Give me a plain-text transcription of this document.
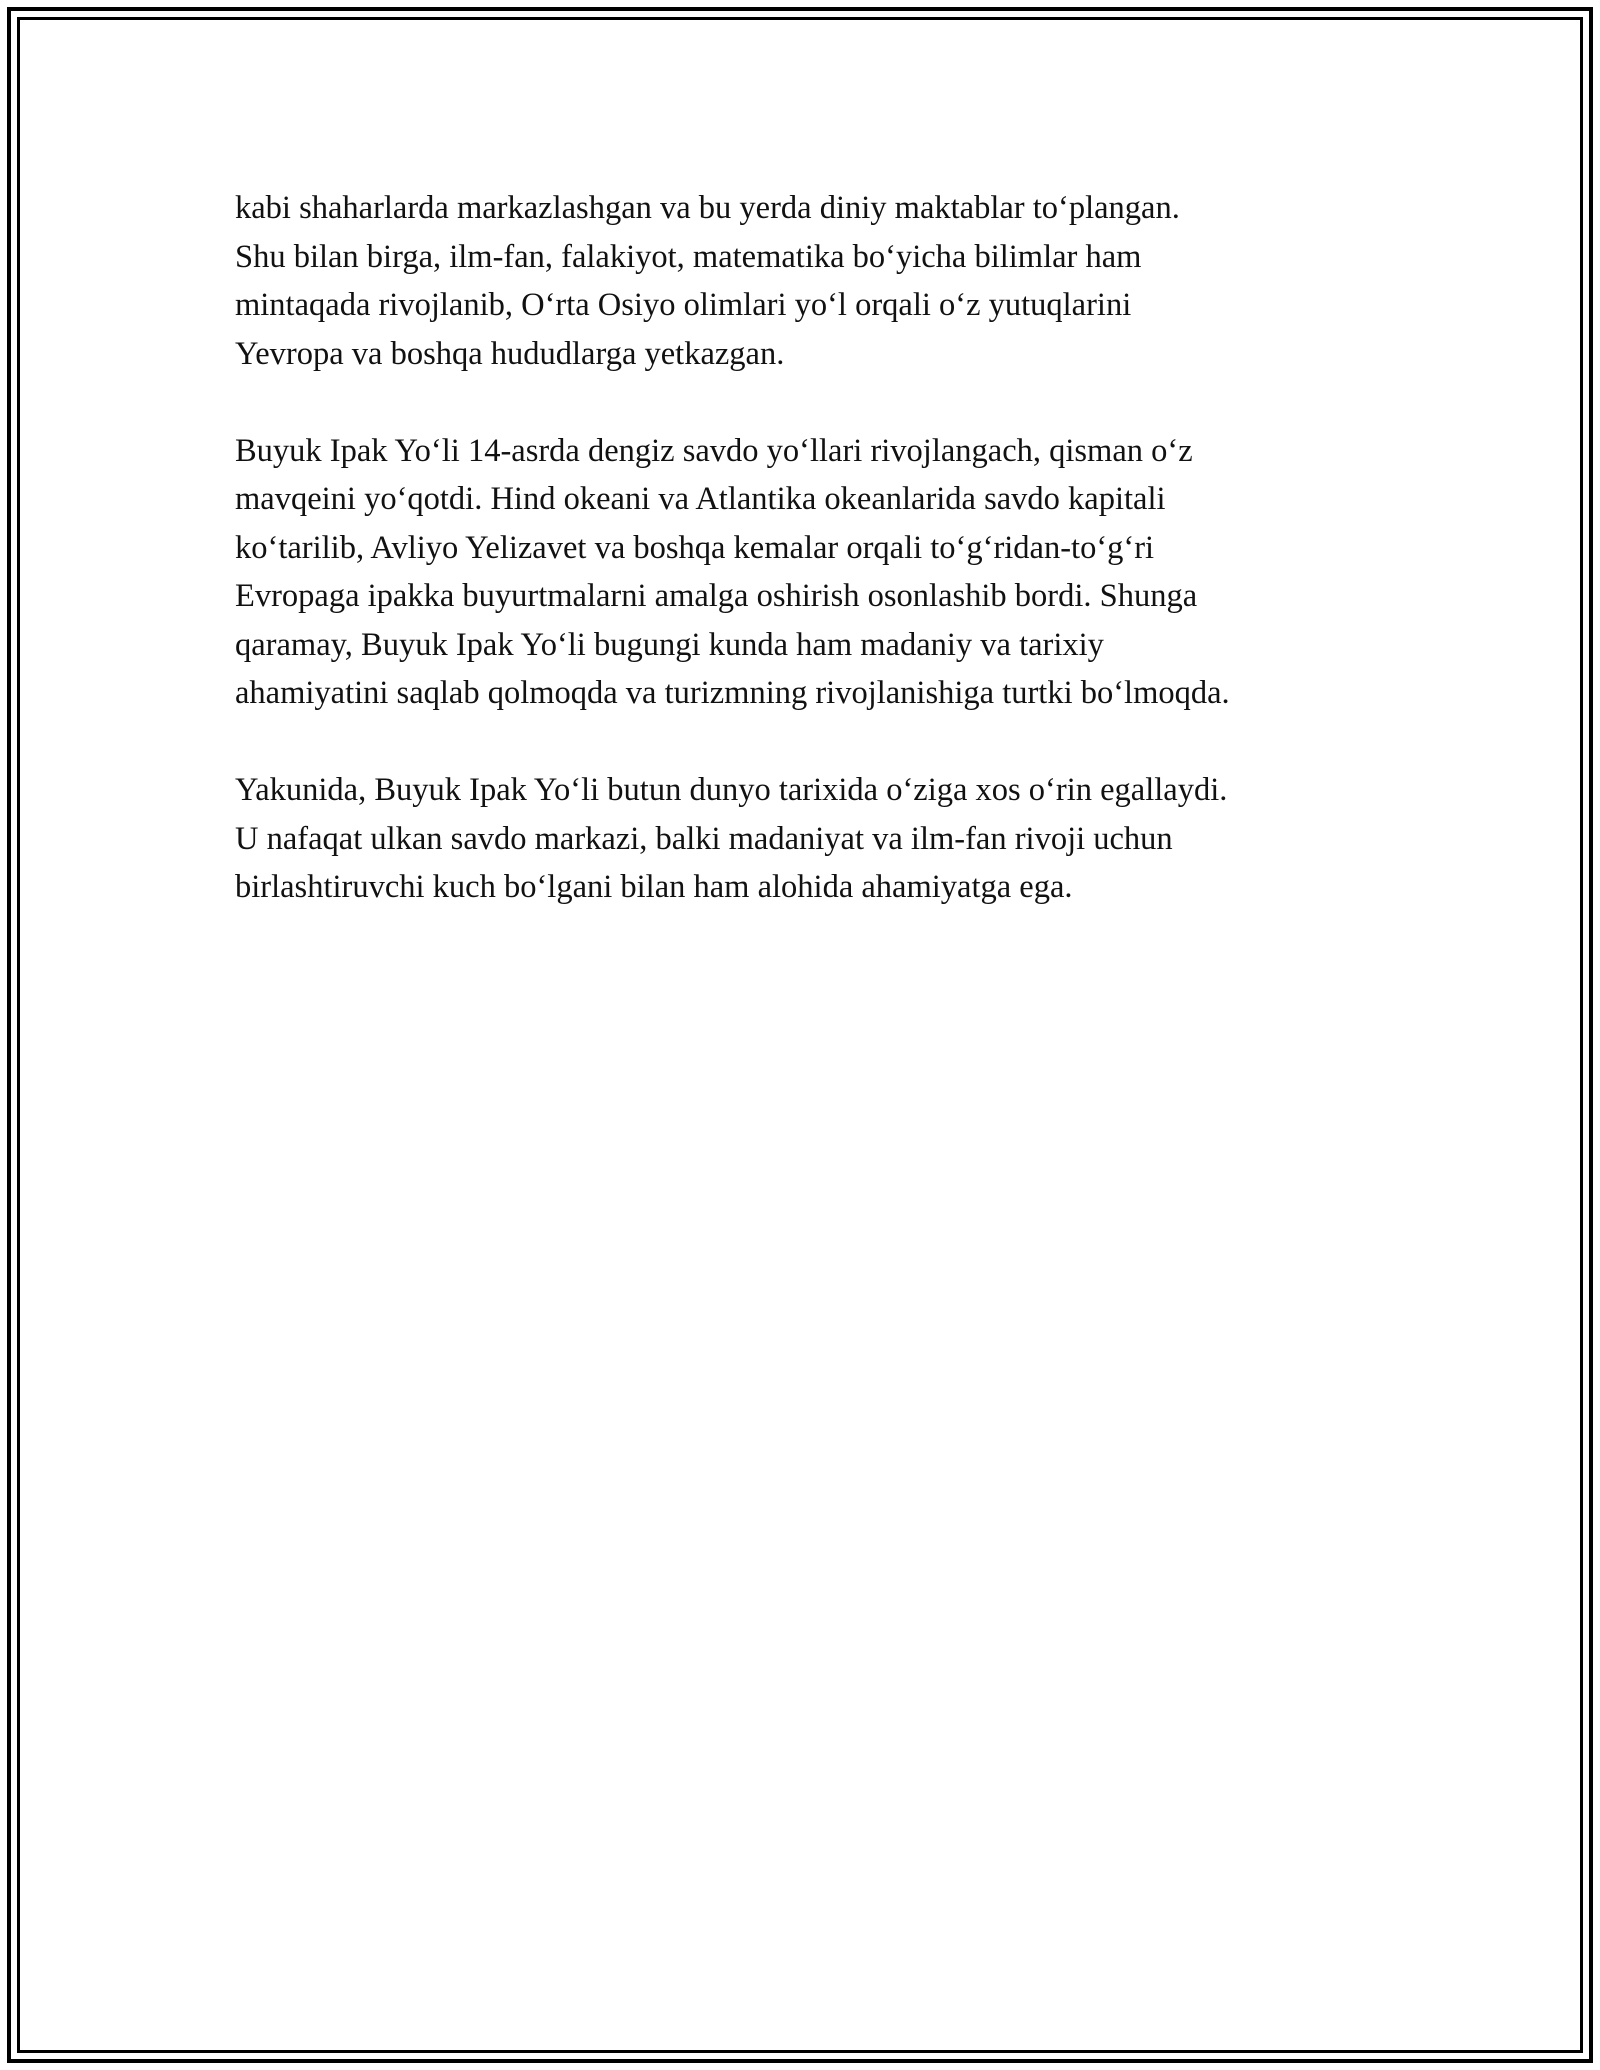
kabi shaharlarda markazlashgan va bu yerda diniy maktablar to‘plangan.
Shu bilan birga, ilm-fan, falakiyot, matematika bo‘yicha bilimlar ham
mintaqada rivojlanib, O‘rta Osiyo olimlari yo‘l orqali o‘z yutuqlarini
Yevropa va boshqa hududlarga yetkazgan.

Buyuk Ipak Yo‘li 14-asrda dengiz savdo yo‘llari rivojlangach, qisman o‘z
mavqeini yo‘qotdi. Hind okeani va Atlantika okeanlarida savdo kapitali
ko‘tarilib, Avliyo Yelizavet va boshqa kemalar orqali to‘g‘ridan-to‘g‘ri
Evropaga ipakka buyurtmalarni amalga oshirish osonlashib bordi. Shunga
qaramay, Buyuk Ipak Yo‘li bugungi kunda ham madaniy va tarixiy
ahamiyatini saqlab qolmoqda va turizmning rivojlanishiga turtki bo‘lmoqda.

Yakunida, Buyuk Ipak Yo‘li butun dunyo tarixida o‘ziga xos o‘rin egallaydi.
U nafaqat ulkan savdo markazi, balki madaniyat va ilm-fan rivoji uchun
birlashtiruvchi kuch bo‘lgani bilan ham alohida ahamiyatga ega.
